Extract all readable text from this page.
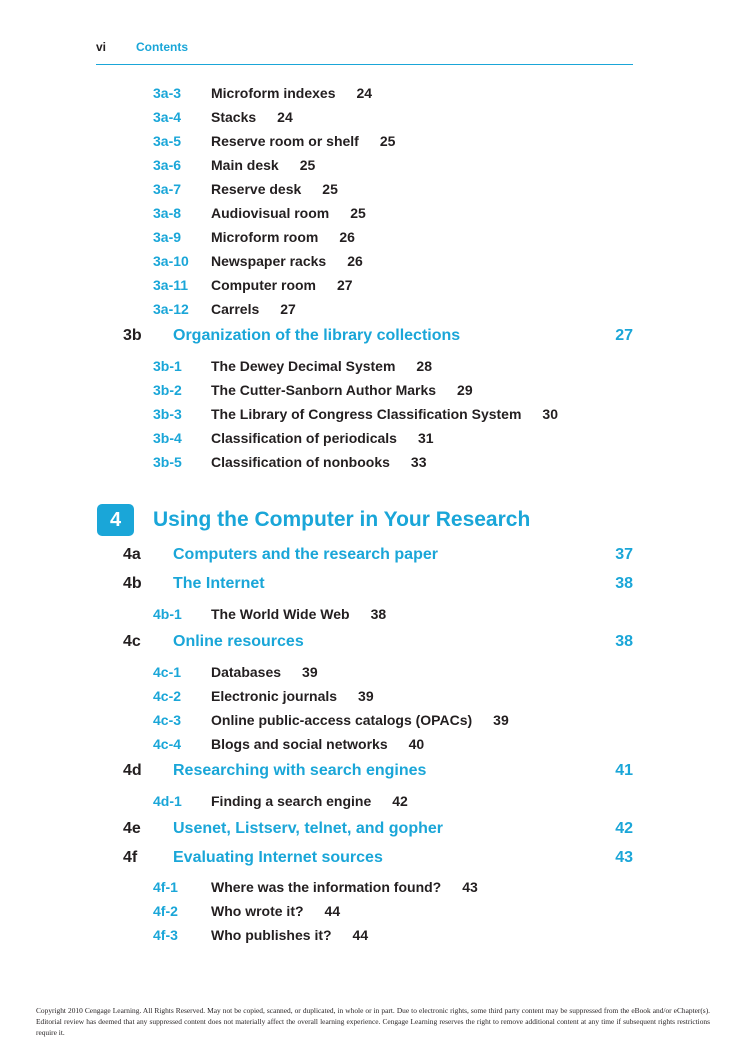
vi Contents
3a-3 Microform indexes 24
3a-4 Stacks 24
3a-5 Reserve room or shelf 25
3a-6 Main desk 25
3a-7 Reserve desk 25
3a-8 Audiovisual room 25
3a-9 Microform room 26
3a-10 Newspaper racks 26
3a-11 Computer room 27
3a-12 Carrels 27
3b Organization of the library collections	27
3b-1 The Dewey Decimal System 28
3b-2 The Cutter-Sanborn Author Marks 29
3b-3 The Library of Congress Classification System 30
3b-4 Classification of periodicals 31
3b-5 Classification of nonbooks 33
4	Using the Computer in Your Research
4a Computers and the research paper	37
4b The Internet	38
4b-1 The World Wide Web 38
4c Online resources	38
4c-1 Databases 39
4c-2 Electronic journals 39
4c-3 Online public-access catalogs (OPACs) 39
4c-4 Blogs and social networks 40
4d Researching with search engines	41
4d-1 Finding a search engine 42
4e Usenet, Listserv, telnet, and gopher	42
4f Evaluating Internet sources	43
4f-1 Where was the information found? 43
4f-2 Who wrote it? 44
4f-3 Who publishes it? 44
Copyright 2010 Cengage Learning. All Rights Reserved. May not be copied, scanned, or duplicated, in whole or in part. Due to electronic rights, some third party content may be suppressed from the eBook and/or eChapter(s). Editorial review has deemed that any suppressed content does not materially affect the overall learning experience. Cengage Learning reserves the right to remove additional content at any time if subsequent rights restrictions require it.
